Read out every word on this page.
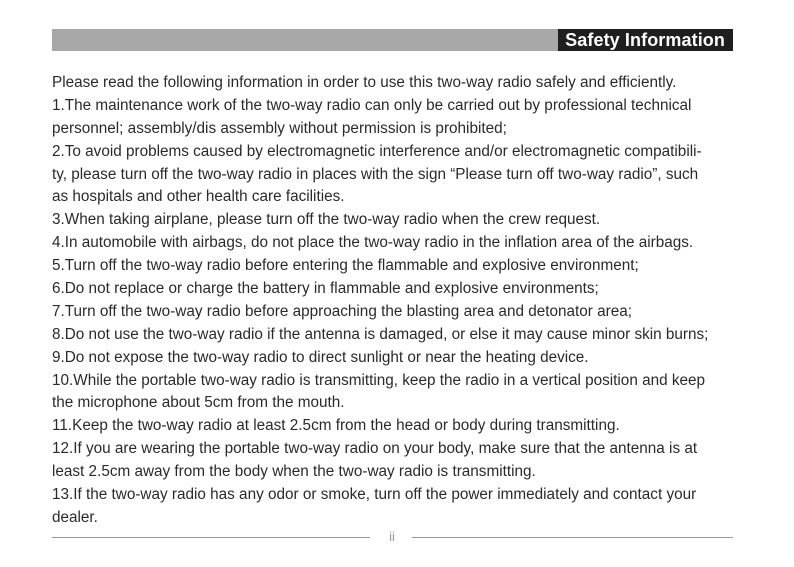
Safety Information
Please read the following information in order to use this two-way radio safely and efficiently.
1.The maintenance work of the two-way radio can only be carried out by professional technical
personnel; assembly/dis assembly without permission is prohibited;
2.To avoid problems caused by electromagnetic interference and/or electromagnetic compatibili-
ty, please turn off the two-way radio in places with the sign “Please turn off two-way radio”, such
as hospitals and other health care facilities.
3.When taking airplane, please turn off the two-way radio when the crew request.
4.In automobile with airbags, do not place the two-way radio in the inflation area of the airbags.
5.Turn off the two-way radio before entering the flammable and explosive environment;
6.Do not replace or charge the battery in flammable and explosive environments;
7.Turn off the two-way radio before approaching the blasting area and detonator area;
8.Do not use the two-way radio if the antenna is damaged, or else it may cause minor skin burns;
9.Do not expose the two-way radio to direct sunlight or near the heating device.
10.While the portable two-way radio is transmitting, keep the radio in a vertical position and keep
the microphone about 5cm from the mouth.
11.Keep the two-way radio at least 2.5cm from the head or body during transmitting.
12.If you are wearing the portable two-way radio on your body, make sure that the antenna is at
least 2.5cm away from the body when the two-way radio is transmitting.
13.If the two-way radio has any odor or smoke, turn off the power immediately and contact your
dealer.
ii
